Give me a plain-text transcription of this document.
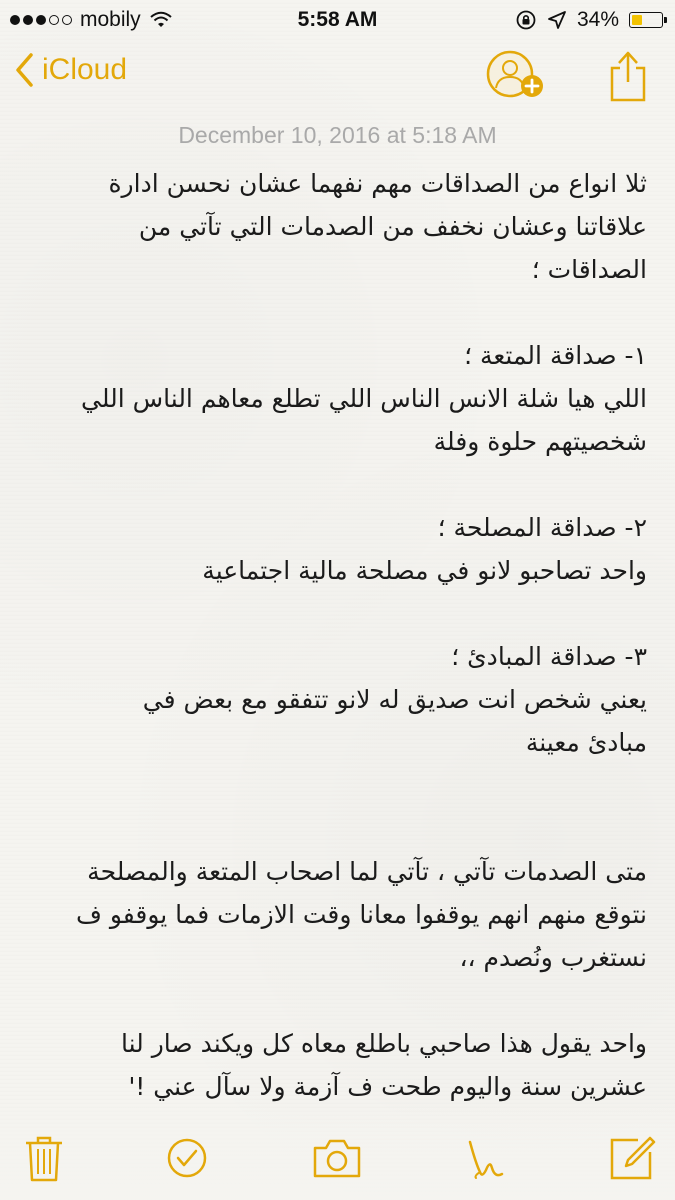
mobily	5:58 AM	34%
iCloud

December 10, 2016 at 5:18 AM

ثلا انواع من الصداقات مهم نفهما عشان نحسن ادارة
علاقاتنا وعشان نخفف من الصدمات التي تآتي من
الصداقات ؛
١- صداقة المتعة ؛
اللي هيا شلة الانس الناس اللي تطلع معاهم الناس اللي
شخصيتهم حلوة وفلة
٢- صداقة المصلحة ؛
واحد تصاحبو لانو في مصلحة مالية اجتماعية
٣- صداقة المبادئ ؛
يعني شخص انت صديق له لانو تتفقو مع بعض في
مبادئ معينة
متى الصدمات تآتي ، تآتي لما اصحاب المتعة والمصلحة
نتوقع منهم انهم يوقفوا معانا وقت الازمات فما يوقفو ف
نستغرب ونُصدم ،،
واحد يقول هذا صاحبي باطلع معاه كل ويكند صار لنا
عشرين سنة واليوم طحت ف آزمة ولا سآل عني !'
